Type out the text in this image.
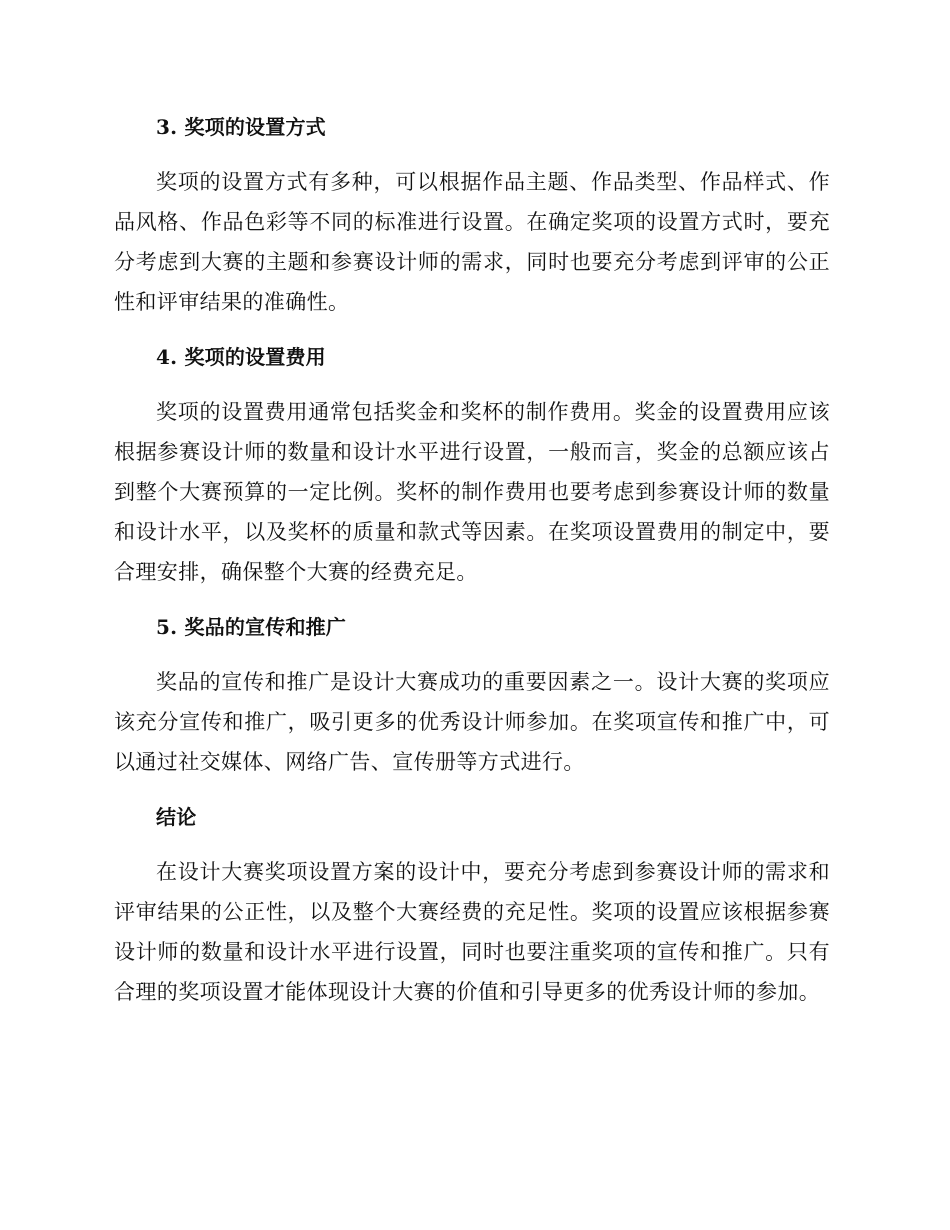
3. 奖项的设置方式

奖项的设置方式有多种，可以根据作品主题、作品类型、作品样式、作品风格、作品色彩等不同的标准进行设置。在确定奖项的设置方式时，要充分考虑到大赛的主题和参赛设计师的需求，同时也要充分考虑到评审的公正性和评审结果的准确性。

4. 奖项的设置费用

奖项的设置费用通常包括奖金和奖杯的制作费用。奖金的设置费用应该根据参赛设计师的数量和设计水平进行设置，一般而言，奖金的总额应该占到整个大赛预算的一定比例。奖杯的制作费用也要考虑到参赛设计师的数量和设计水平，以及奖杯的质量和款式等因素。在奖项设置费用的制定中，要合理安排，确保整个大赛的经费充足。

5. 奖品的宣传和推广

奖品的宣传和推广是设计大赛成功的重要因素之一。设计大赛的奖项应该充分宣传和推广，吸引更多的优秀设计师参加。在奖项宣传和推广中，可以通过社交媒体、网络广告、宣传册等方式进行。

结论

在设计大赛奖项设置方案的设计中，要充分考虑到参赛设计师的需求和评审结果的公正性，以及整个大赛经费的充足性。奖项的设置应该根据参赛设计师的数量和设计水平进行设置，同时也要注重奖项的宣传和推广。只有合理的奖项设置才能体现设计大赛的价值和引导更多的优秀设计师的参加。
